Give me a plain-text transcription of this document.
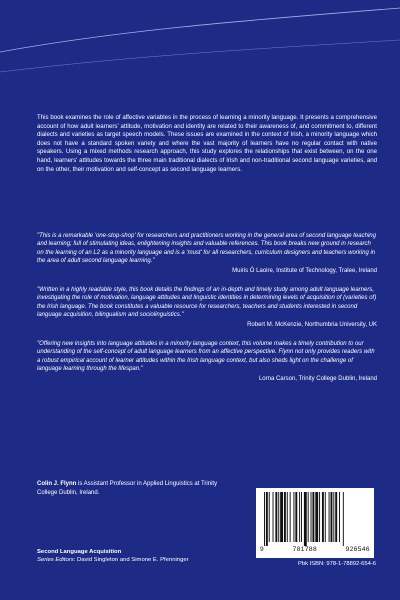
This book examines the role of affective variables in the process of learning a minority language. It presents a comprehensive account of how adult learners' attitude, motivation and identity are related to their awareness of, and commitment to, different dialects and varieties as target speech models. These issues are examined in the context of Irish, a minority language which does not have a standard spoken variety and where the vast majority of learners have no regular contact with native speakers. Using a mixed methods research approach, this study explores the relationships that exist between, on the one hand, learners' attitudes towards the three main traditional dialects of Irish and non-traditional second language varieties, and on the other, their motivation and self-concept as second language learners.

"This is a remarkable 'one-stop-shop' for researchers and practitioners working in the general area of second language teaching and learning; full of stimulating ideas, enlightening insights and valuable references. This book breaks new ground in research on the learning of an L2 as a minority language and is a 'must' for all researchers, curriculum designers and teachers working in the area of adult second language learning."

Muiris Ó Laoire, Institute of Technology, Tralee, Ireland

"Written in a highly readable style, this book details the findings of an in-depth and timely study among adult language learners, investigating the role of motivation, language attitudes and linguistic identities in determining levels of acquisition of (varieties of) the Irish language. The book constitutes a valuable resource for researchers, teachers and students interested in second language acquisition, bilingualism and sociolinguistics."

Robert M. McKenzie, Northumbria University, UK

"Offering new insights into language attitudes in a minority language context, this volume makes a timely contribution to our understanding of the self-concept of adult language learners from an affective perspective. Flynn not only provides readers with a robust empirical account of learner attitudes within the Irish language context, but also sheds light on the challenge of language learning through the lifespan."

Lorna Carson, Trinity College Dublin, Ireland

Colin J. Flynn is Assistant Professor in Applied Linguistics at Trinity College Dublin, Ireland.

Second Language Acquisition

Series Editors: David Singleton and Simone E. Pfenninger

9	781788	926546
Pbk ISBN: 978-1-78892-654-6
